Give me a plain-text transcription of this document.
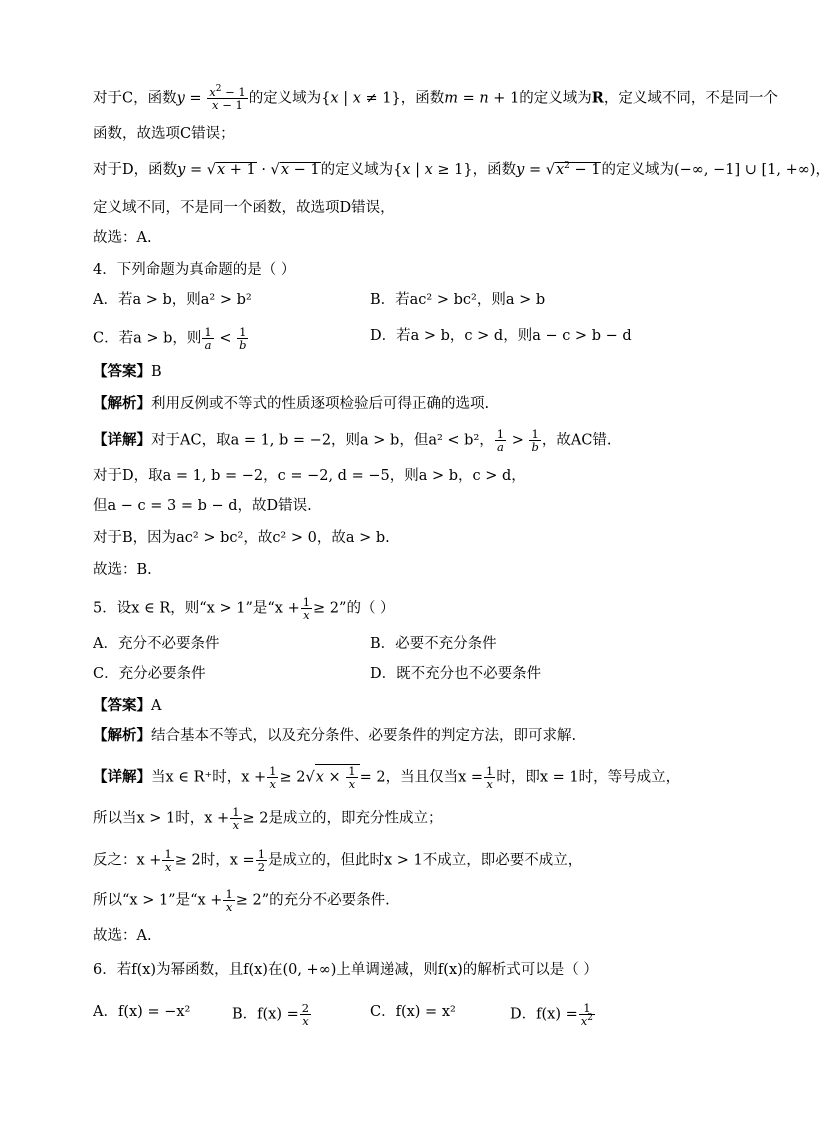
对于C，函数$y = \frac{x^2 - 1}{x - 1}$ 的定义域为{x | x ≠ 1}，函数m = n + 1的定义域为R，定义域不同，不是同一个
函数，故选项C错误；
对于D，函数y = √x + 1 · √x − 1的定义域为{x | x ≥ 1}，函数$y = √x^2 - 1$的定义域为(−∞, −1] ∪ [1, +∞)，
定义域不同，不是同一个函数，故选项D错误，
故选：A.
4．下列命题为真命题的是（ ）
A．若a > b，则a² > b²	B．若ac² > bc²，则a > b
C．若a > b，则 $\frac{1}{a} < \frac{1}{b}$	D．若a > b，c > d，则a − c > b − d
【答案】B
【解析】利用反例或不等式的性质逐项检验后可得正确的选项.
【详解】对于AC，取a = 1, b = −2，则a > b，但a² < b²， $\frac{1}{a} > \frac{1}{b}$ ，故AC错.
对于D，取a = 1, b = −2，c = −2, d = −5，则a > b，c > d，
但a − c = 3 = b − d，故D错误.
对于B，因为ac² > bc²，故c² > 0，故a > b.
故选：B.
5．设x ∈ R，则“x > 1”是“$x + \frac{1}{x} \ge 2$”的（ ）
A．充分不必要条件	B．必要不充分条件
C．充分必要条件	D．既不充分也不必要条件
【答案】A
【解析】结合基本不等式，以及充分条件、必要条件的判定方法，即可求解.
【详解】当x ∈ R⁺时，$x + \frac{1}{x} \ge 2√x \times \frac{1}{x} = 2$，当且仅当$x = \frac{1}{x}$ 时，即x = 1时，等号成立，
所以当x > 1时，$x + \frac{1}{x} \ge 2$是成立的，即充分性成立；
反之：$x + \frac{1}{x} \ge 2$时，$x = \frac{1}{2}$ 是成立的，但此时x > 1不成立，即必要不成立，
所以“x > 1”是“$x + \frac{1}{x} \ge 2$”的充分不必要条件.
故选：A.
6．若f(x)为幂函数，且f(x)在(0, +∞)上单调递减，则f(x)的解析式可以是（ ）
A．f(x) = −x²	B．$f(x) = \frac{2}{x}$	C．f(x) = x²	D．$f(x) = \frac{1}{x^2}$
